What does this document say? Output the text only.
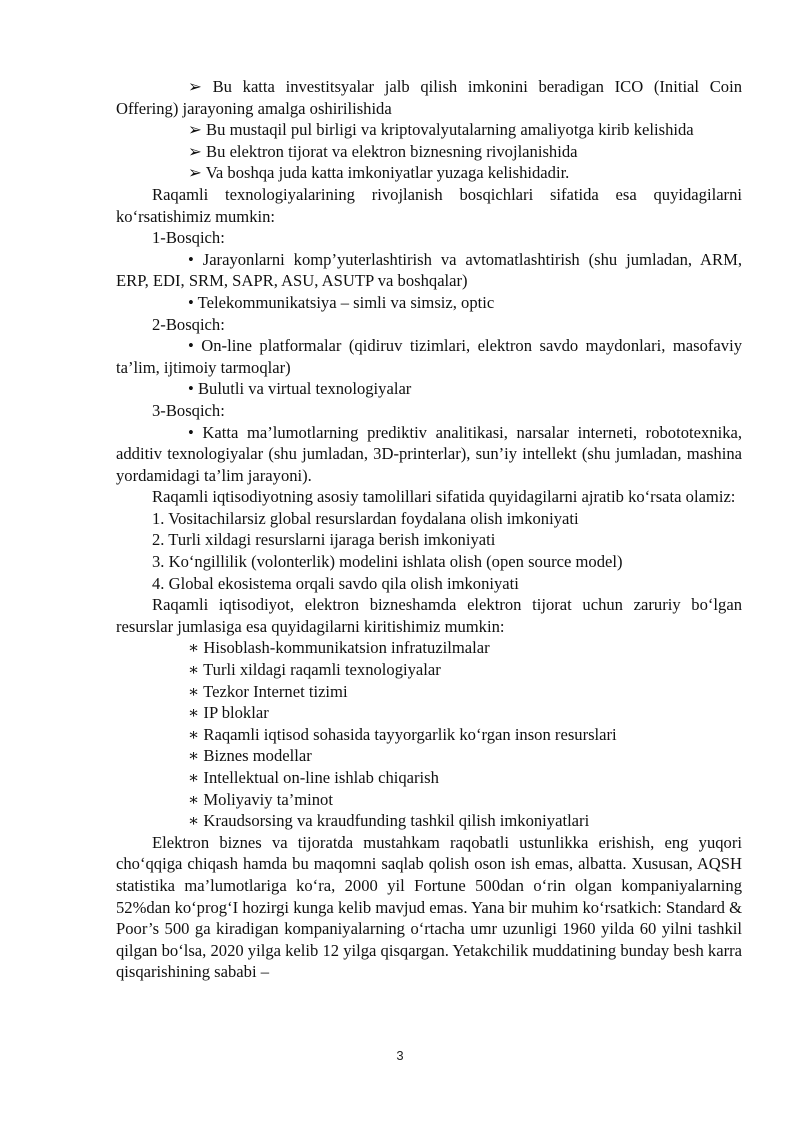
➢ Bu katta investitsyalar jalb qilish imkonini beradigan ICO (Initial Coin Offering) jarayoning amalga oshirilishida

➢ Bu mustaqil pul birligi va kriptovalyutalarning amaliyotga kirib kelishida

➢ Bu elektron tijorat va elektron biznesning rivojlanishida

➢ Va boshqa juda katta imkoniyatlar yuzaga kelishidadir.

Raqamli texnologiyalarining rivojlanish bosqichlari sifatida esa quyidagilarni ko‘rsatishimiz mumkin:

1-Bosqich:

• Jarayonlarni komp’yuterlashtirish va avtomatlashtirish (shu jumladan, ARM, ERP, EDI, SRM, SAPR, ASU, ASUTP va boshqalar)

• Telekommunikatsiya – simli va simsiz, optic

2-Bosqich:

• On-line platformalar (qidiruv tizimlari, elektron savdo maydonlari, masofaviy ta’lim, ijtimoiy tarmoqlar)

• Bulutli va virtual texnologiyalar

3-Bosqich:

• Katta ma’lumotlarning prediktiv analitikasi, narsalar interneti, robototexnika, additiv texnologiyalar (shu jumladan, 3D-printerlar), sun’iy intellekt (shu jumladan, mashina yordamidagi ta’lim jarayoni).

Raqamli iqtisodiyotning asosiy tamolillari sifatida quyidagilarni ajratib ko‘rsata olamiz:

1. Vositachilarsiz global resurslardan foydalana olish imkoniyati

2. Turli xildagi resurslarni ijaraga berish imkoniyati

3. Ko‘ngillilik (volonterlik) modelini ishlata olish (open source model)

4. Global ekosistema orqali savdo qila olish imkoniyati

Raqamli iqtisodiyot, elektron bizneshamda elektron tijorat uchun zaruriy bo‘lgan resurslar jumlasiga esa quyidagilarni kiritishimiz mumkin:

∗ Hisoblash-kommunikatsion infratuzilmalar

∗ Turli xildagi raqamli texnologiyalar

∗ Tezkor Internet tizimi

∗ IP bloklar

∗ Raqamli iqtisod sohasida tayyorgarlik ko‘rgan inson resurslari

∗ Biznes modellar

∗ Intellektual on-line ishlab chiqarish

∗ Moliyaviy ta’minot

∗ Kraudsorsing va kraudfunding tashkil qilish imkoniyatlari

Elektron biznes va tijoratda mustahkam raqobatli ustunlikka erishish, eng yuqori cho‘qqiga chiqash hamda bu maqomni saqlab qolish oson ish emas, albatta. Xususan, AQSH statistika ma’lumotlariga ko‘ra, 2000 yil Fortune 500dan o‘rin olgan kompaniyalarning 52%dan ko‘prog‘I hozirgi kunga kelib mavjud emas. Yana bir muhim ko‘rsatkich: Standard & Poor’s 500 ga kiradigan kompaniyalarning o‘rtacha umr uzunligi 1960 yilda 60 yilni tashkil qilgan bo‘lsa, 2020 yilga kelib 12 yilga qisqargan. Yetakchilik muddatining bunday besh karra qisqarishining sababi –

3
